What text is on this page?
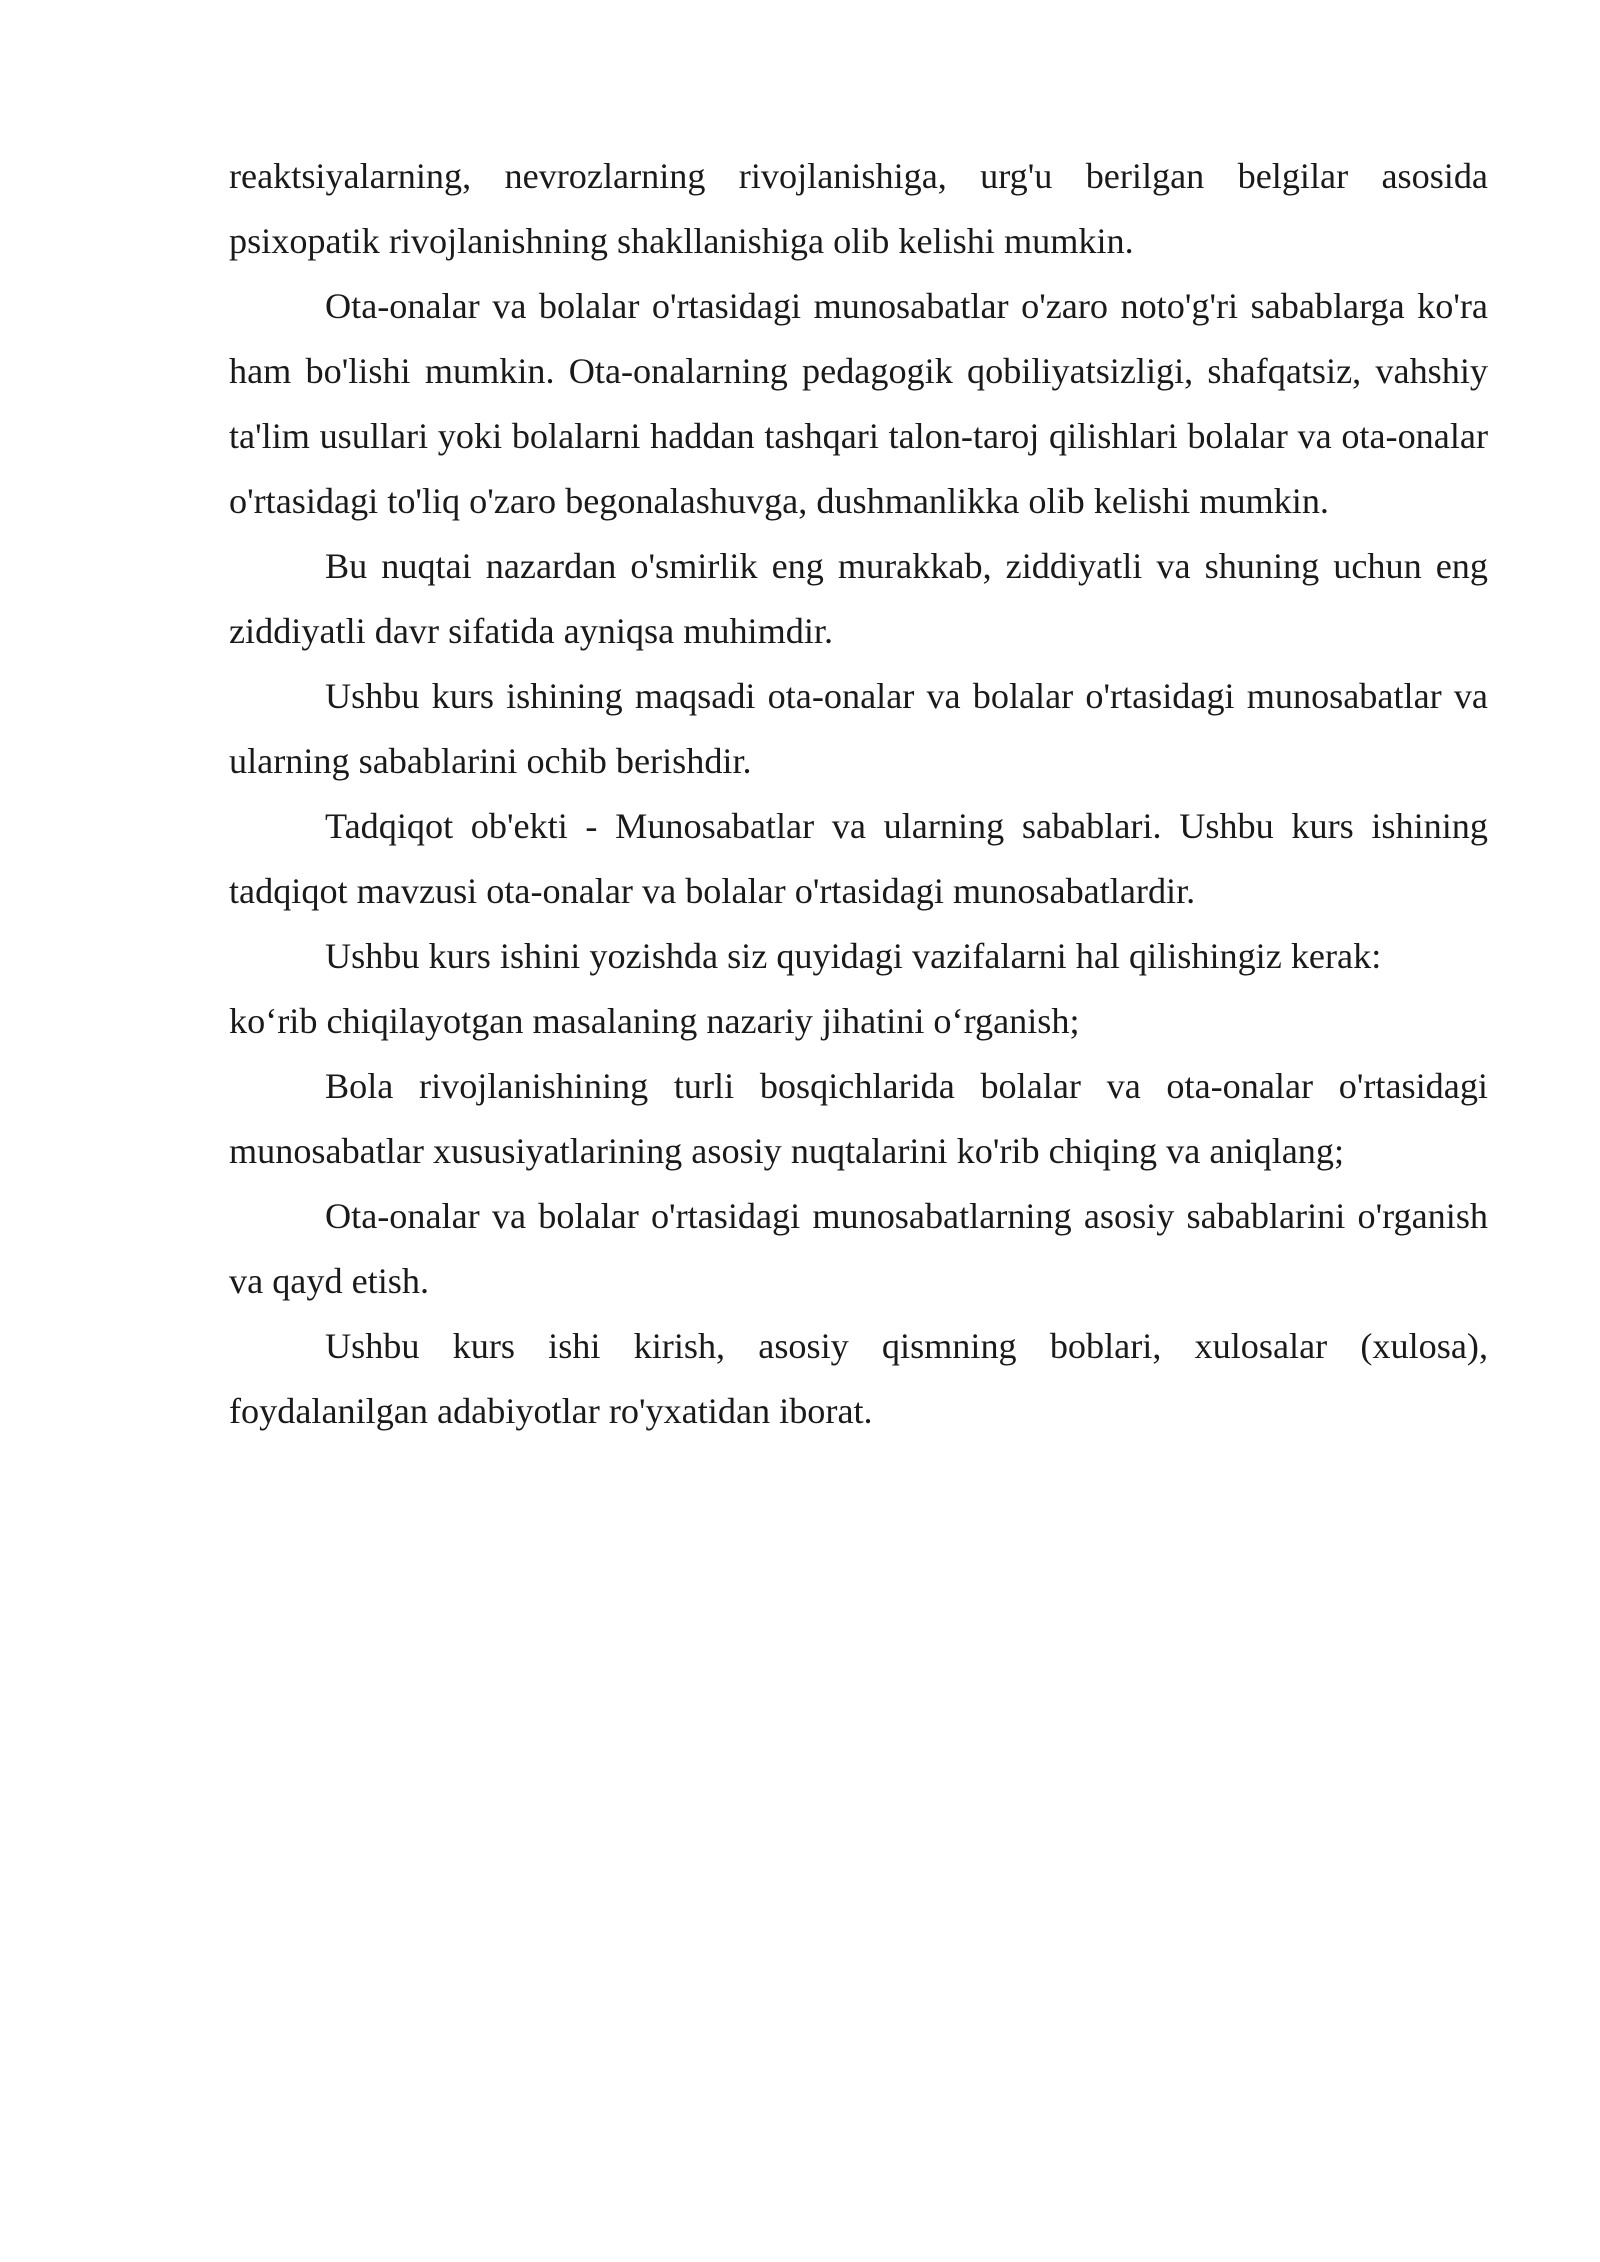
reaktsiyalarning, nevrozlarning rivojlanishiga, urg'u berilgan belgilar asosida psixopatik rivojlanishning shakllanishiga olib kelishi mumkin.

Ota-onalar va bolalar o'rtasidagi munosabatlar o'zaro noto'g'ri sabablarga ko'ra ham bo'lishi mumkin. Ota-onalarning pedagogik qobiliyatsizligi, shafqatsiz, vahshiy ta'lim usullari yoki bolalarni haddan tashqari talon-taroj qilishlari bolalar va ota-onalar o'rtasidagi to'liq o'zaro begonalashuvga, dushmanlikka olib kelishi mumkin.

Bu nuqtai nazardan o'smirlik eng murakkab, ziddiyatli va shuning uchun eng ziddiyatli davr sifatida ayniqsa muhimdir.

Ushbu kurs ishining maqsadi ota-onalar va bolalar o'rtasidagi munosabatlar va ularning sabablarini ochib berishdir.

Tadqiqot ob'ekti - Munosabatlar va ularning sabablari. Ushbu kurs ishining tadqiqot mavzusi ota-onalar va bolalar o'rtasidagi munosabatlardir.

Ushbu kurs ishini yozishda siz quyidagi vazifalarni hal qilishingiz kerak:

ko‘rib chiqilayotgan masalaning nazariy jihatini o‘rganish;

Bola rivojlanishining turli bosqichlarida bolalar va ota-onalar o'rtasidagi munosabatlar xususiyatlarining asosiy nuqtalarini ko'rib chiqing va aniqlang;

Ota-onalar va bolalar o'rtasidagi munosabatlarning asosiy sabablarini o'rganish va qayd etish.

Ushbu kurs ishi kirish, asosiy qismning boblari, xulosalar (xulosa), foydalanilgan adabiyotlar ro'yxatidan iborat.
